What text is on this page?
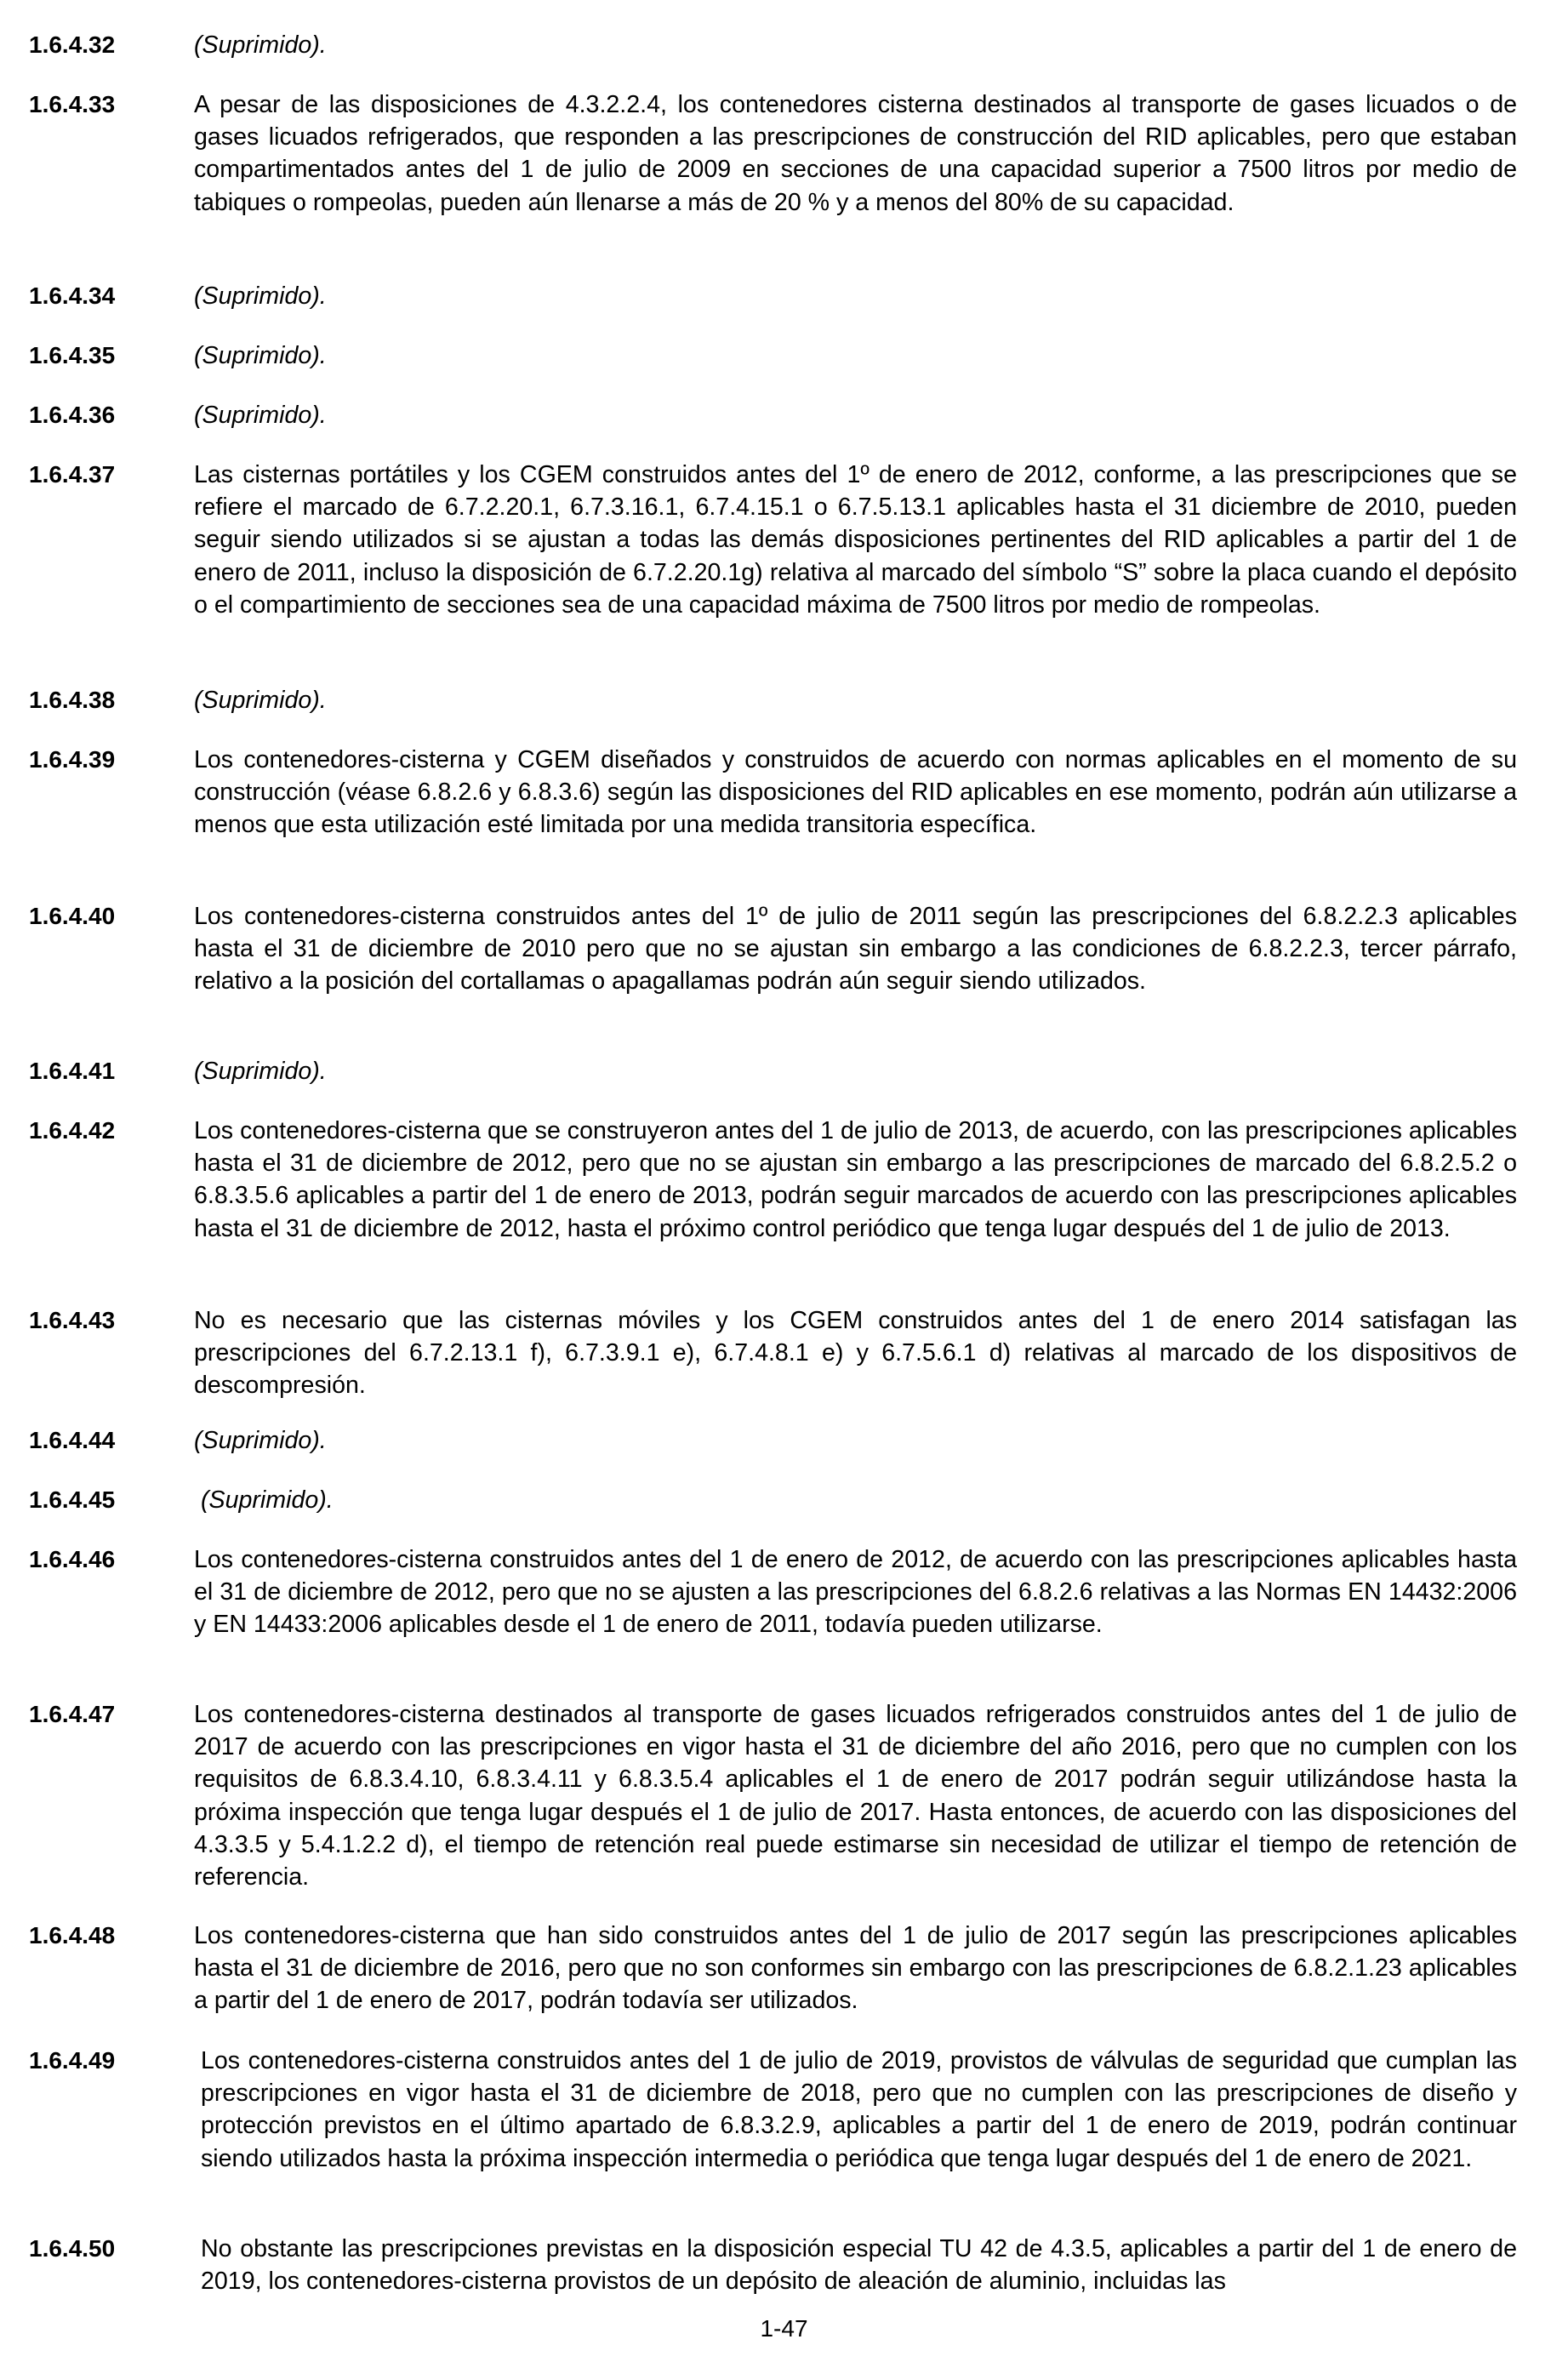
1.6.4.32	(Suprimido).
1.6.4.33	A pesar de las disposiciones de 4.3.2.2.4, los contenedores cisterna destinados al transporte de gases licuados o de gases licuados refrigerados, que responden a las prescripciones de construcción del RID aplicables, pero que estaban compartimentados antes del 1 de julio de 2009 en secciones de una capacidad superior a 7500 litros por medio de tabiques o rompeolas, pueden aún llenarse a más de 20 % y a menos del 80% de su capacidad.
1.6.4.34	(Suprimido).
1.6.4.35	(Suprimido).
1.6.4.36	(Suprimido).
1.6.4.37	Las cisternas portátiles y los CGEM construidos antes del 1º de enero de 2012, conforme, a las prescripciones que se refiere el marcado de 6.7.2.20.1, 6.7.3.16.1, 6.7.4.15.1 o 6.7.5.13.1 aplicables hasta el 31 diciembre de 2010, pueden seguir siendo utilizados si se ajustan a todas las demás disposiciones pertinentes del RID aplicables a partir del 1 de enero de 2011, incluso la disposición de 6.7.2.20.1g) relativa al marcado del símbolo “S” sobre la placa cuando el depósito o el compartimiento de secciones sea de una capacidad máxima de 7500 litros por medio de rompeolas.
1.6.4.38	(Suprimido).
1.6.4.39	Los contenedores-cisterna y CGEM diseñados y construidos de acuerdo con normas aplicables en el momento de su construcción (véase 6.8.2.6 y 6.8.3.6) según las disposiciones del RID aplicables en ese momento, podrán aún utilizarse a menos que esta utilización esté limitada por una medida transitoria específica.
1.6.4.40	Los contenedores-cisterna construidos antes del 1º de julio de 2011 según las prescripciones del 6.8.2.2.3 aplicables hasta el 31 de diciembre de 2010 pero que no se ajustan sin embargo a las condiciones de 6.8.2.2.3, tercer párrafo, relativo a la posición del cortallamas o apagallamas podrán aún seguir siendo utilizados.
1.6.4.41	(Suprimido).
1.6.4.42	Los contenedores-cisterna que se construyeron antes del 1 de julio de 2013, de acuerdo, con las prescripciones aplicables hasta el 31 de diciembre de 2012, pero que no se ajustan sin embargo a las prescripciones de marcado del 6.8.2.5.2 o 6.8.3.5.6 aplicables a partir del 1 de enero de 2013, podrán seguir marcados de acuerdo con las prescripciones aplicables hasta el 31 de diciembre de 2012, hasta el próximo control periódico que tenga lugar después del 1 de julio de 2013.
1.6.4.43	No es necesario que las cisternas móviles y los CGEM construidos antes del 1 de enero 2014 satisfagan las prescripciones del 6.7.2.13.1 f), 6.7.3.9.1 e), 6.7.4.8.1 e) y 6.7.5.6.1 d) relativas al marcado de los dispositivos de descompresión.
1.6.4.44	(Suprimido).
1.6.4.45	(Suprimido).
1.6.4.46	Los contenedores-cisterna construidos antes del 1 de enero de 2012, de acuerdo con las prescripciones aplicables hasta el 31 de diciembre de 2012, pero que no se ajusten a las prescripciones del 6.8.2.6 relativas a las Normas EN 14432:2006 y EN 14433:2006 aplicables desde el 1 de enero de 2011, todavía pueden utilizarse.
1.6.4.47	Los contenedores-cisterna destinados al transporte de gases licuados refrigerados construidos antes del 1 de julio de 2017 de acuerdo con las prescripciones en vigor hasta el 31 de diciembre del año 2016, pero que no cumplen con los requisitos de 6.8.3.4.10, 6.8.3.4.11 y 6.8.3.5.4 aplicables el 1 de enero de 2017 podrán seguir utilizándose hasta la próxima inspección que tenga lugar después el 1 de julio de 2017. Hasta entonces, de acuerdo con las disposiciones del 4.3.3.5 y 5.4.1.2.2 d), el tiempo de retención real puede estimarse sin necesidad de utilizar el tiempo de retención de referencia.
1.6.4.48	Los contenedores-cisterna que han sido construidos antes del 1 de julio de 2017 según las prescripciones aplicables hasta el 31 de diciembre de 2016, pero que no son conformes sin embargo con las prescripciones de 6.8.2.1.23 aplicables a partir del 1 de enero de 2017, podrán todavía ser utilizados.
1.6.4.49	Los contenedores-cisterna construidos antes del 1 de julio de 2019, provistos de válvulas de seguridad que cumplan las prescripciones en vigor hasta el 31 de diciembre de 2018, pero que no cumplen con las prescripciones de diseño y protección previstos en el último apartado de 6.8.3.2.9, aplicables a partir del 1 de enero de 2019, podrán continuar siendo utilizados hasta la próxima inspección intermedia o periódica que tenga lugar después del 1 de enero de 2021.
1.6.4.50	No obstante las prescripciones previstas en la disposición especial TU 42 de 4.3.5, aplicables a partir del 1 de enero de 2019, los contenedores-cisterna provistos de un depósito de aleación de aluminio, incluidas las
1-47
